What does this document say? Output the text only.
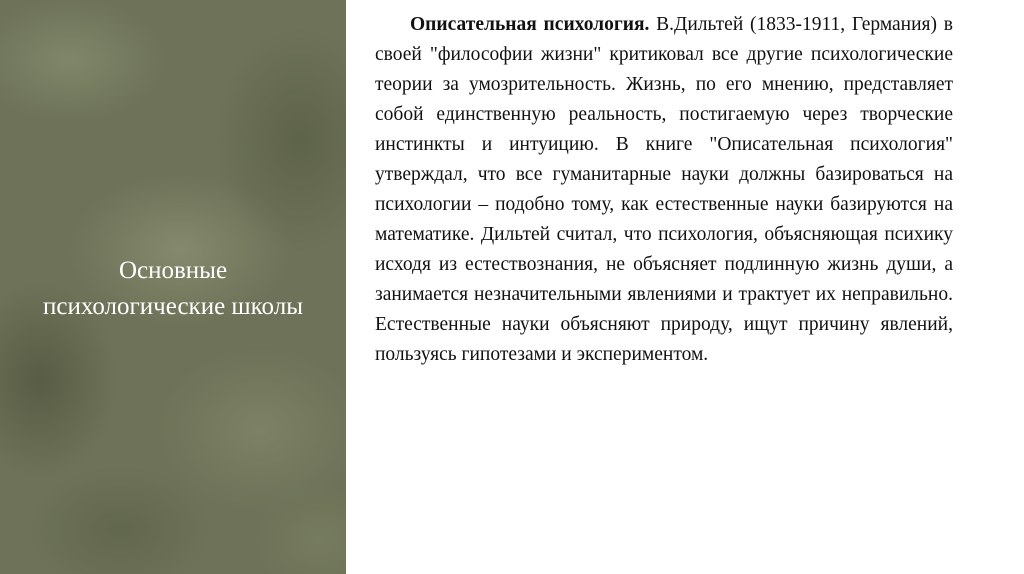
Основные
психологические школы
Описательная психология. В.Дильтей (1833-1911, Германия) в своей "философии жизни" критиковал все другие психологические теории за умозрительность. Жизнь, по его мнению, представляет собой единственную реальность, постигаемую через творческие инстинкты и интуицию. В книге "Описательная психология" утверждал, что все гуманитарные науки должны базироваться на психологии – подобно тому, как естественные науки базируются на математике. Дильтей считал, что психология, объясняющая психику исходя из естествознания, не объясняет подлинную жизнь души, а занимается незначительными явлениями и трактует их неправильно. Естественные науки объясняют природу, ищут причину явлений, пользуясь гипотезами и экспериментом.
